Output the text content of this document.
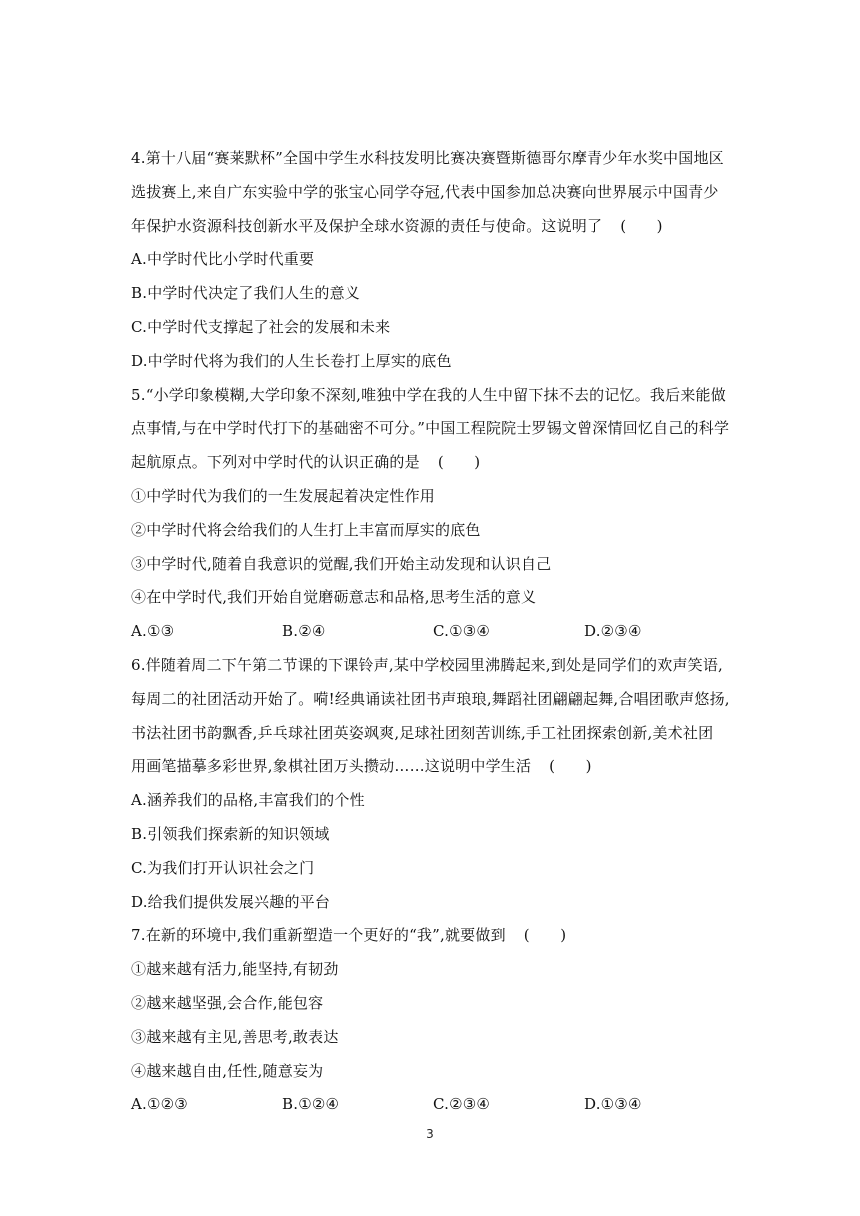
4.第十八届“赛莱默杯”全国中学生水科技发明比赛决赛暨斯德哥尔摩青少年水奖中国地区
选拔赛上,来自广东实验中学的张宝心同学夺冠,代表中国参加总决赛向世界展示中国青少
年保护水资源科技创新水平及保护全球水资源的责任与使命。这说明了 (　　)
A.中学时代比小学时代重要
B.中学时代决定了我们人生的意义
C.中学时代支撑起了社会的发展和未来
D.中学时代将为我们的人生长卷打上厚实的底色
5.“小学印象模糊,大学印象不深刻,唯独中学在我的人生中留下抹不去的记忆。我后来能做
点事情,与在中学时代打下的基础密不可分。”中国工程院院士罗锡文曾深情回忆自己的科学
起航原点。下列对中学时代的认识正确的是 (　　)
①中学时代为我们的一生发展起着决定性作用
②中学时代将会给我们的人生打上丰富而厚实的底色
③中学时代,随着自我意识的觉醒,我们开始主动发现和认识自己
④在中学时代,我们开始自觉磨砺意志和品格,思考生活的意义
A.①③	B.②④	C.①③④	D.②③④
6.伴随着周二下午第二节课的下课铃声,某中学校园里沸腾起来,到处是同学们的欢声笑语,
每周二的社团活动开始了。嗬!经典诵读社团书声琅琅,舞蹈社团翩翩起舞,合唱团歌声悠扬,
书法社团书韵飘香,乒乓球社团英姿飒爽,足球社团刻苦训练,手工社团探索创新,美术社团
用画笔描摹多彩世界,象棋社团万头攒动……这说明中学生活 (　　)
A.涵养我们的品格,丰富我们的个性
B.引领我们探索新的知识领域
C.为我们打开认识社会之门
D.给我们提供发展兴趣的平台
7.在新的环境中,我们重新塑造一个更好的“我”,就要做到 (　　)
①越来越有活力,能坚持,有韧劲
②越来越坚强,会合作,能包容
③越来越有主见,善思考,敢表达
④越来越自由,任性,随意妄为
A.①②③	B.①②④	C.②③④	D.①③④
3
